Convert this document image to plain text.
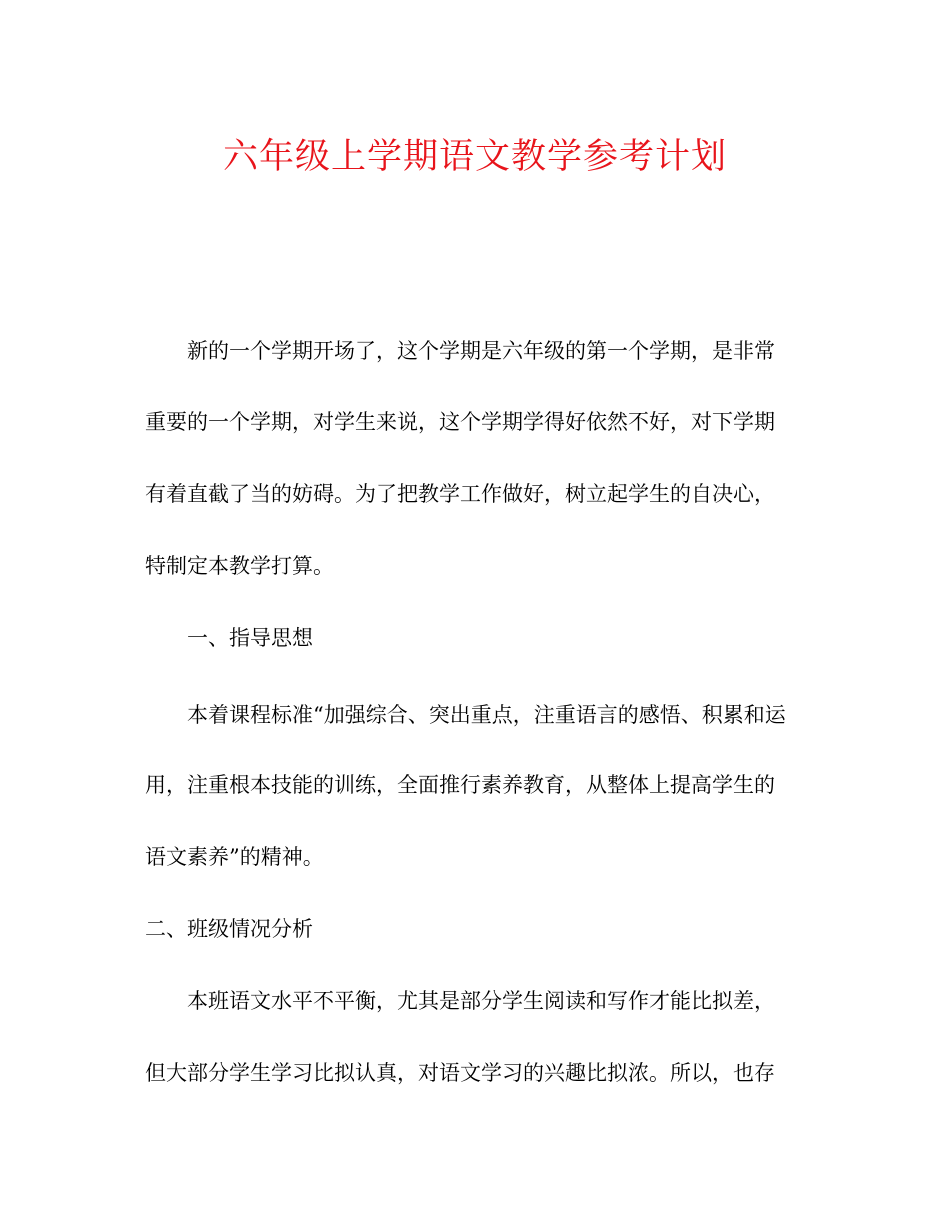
六年级上学期语文教学参考计划

新的一个学期开场了，这个学期是六年级的第一个学期，是非常

重要的一个学期，对学生来说，这个学期学得好依然不好，对下学期

有着直截了当的妨碍。为了把教学工作做好，树立起学生的自决心，

特制定本教学打算。

一、指导思想

本着课程标准“加强综合、突出重点，注重语言的感悟、积累和运

用，注重根本技能的训练，全面推行素养教育，从整体上提高学生的

语文素养”的精神。

二、班级情况分析

本班语文水平不平衡，尤其是部分学生阅读和写作才能比拟差，

但大部分学生学习比拟认真，对语文学习的兴趣比拟浓。所以，也存
